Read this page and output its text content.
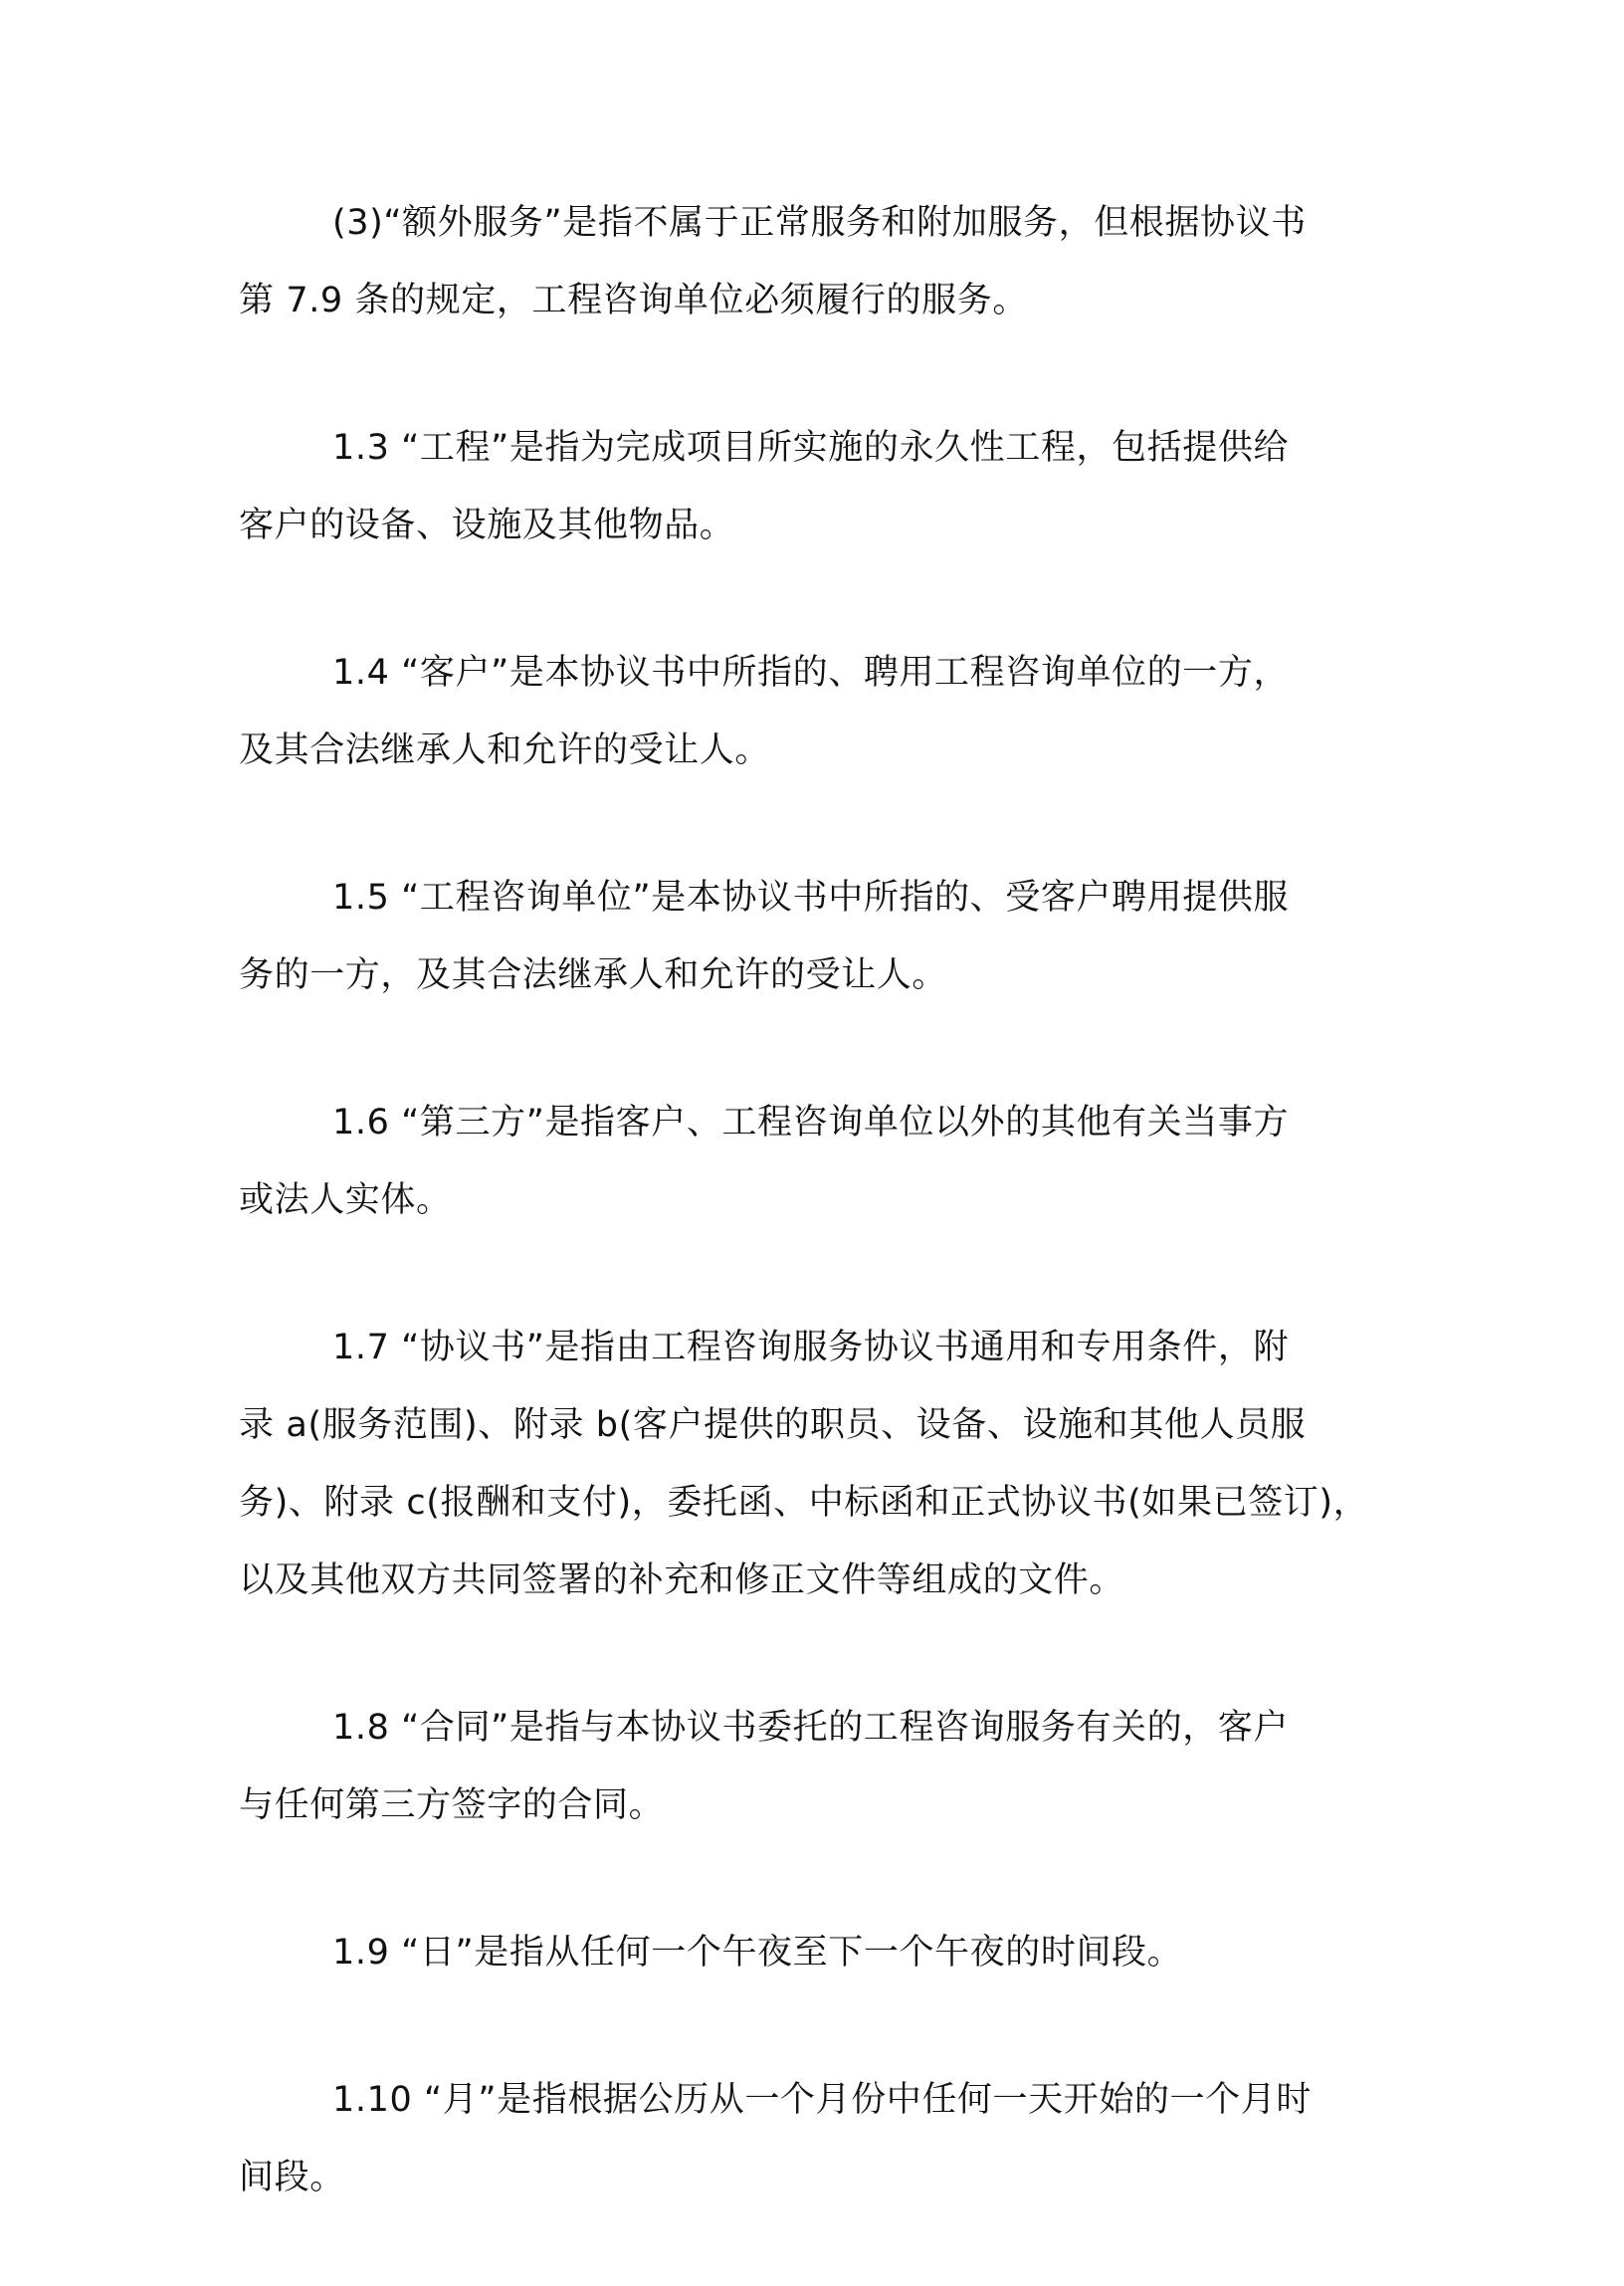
(3)“额外服务”是指不属于正常服务和附加服务，但根据协议书
第 7.9 条的规定，工程咨询单位必须履行的服务。

1.3 “工程”是指为完成项目所实施的永久性工程，包括提供给
客户的设备、设施及其他物品。

1.4 “客户”是本协议书中所指的、聘用工程咨询单位的一方，
及其合法继承人和允许的受让人。

1.5 “工程咨询单位”是本协议书中所指的、受客户聘用提供服
务的一方，及其合法继承人和允许的受让人。

1.6 “第三方”是指客户、工程咨询单位以外的其他有关当事方
或法人实体。

1.7 “协议书”是指由工程咨询服务协议书通用和专用条件，附
录 a(服务范围)、附录 b(客户提供的职员、设备、设施和其他人员服
务)、附录 c(报酬和支付)，委托函、中标函和正式协议书(如果已签订)，
以及其他双方共同签署的补充和修正文件等组成的文件。

1.8 “合同”是指与本协议书委托的工程咨询服务有关的，客户
与任何第三方签字的合同。

1.9 “日”是指从任何一个午夜至下一个午夜的时间段。

1.10 “月”是指根据公历从一个月份中任何一天开始的一个月时
间段。
